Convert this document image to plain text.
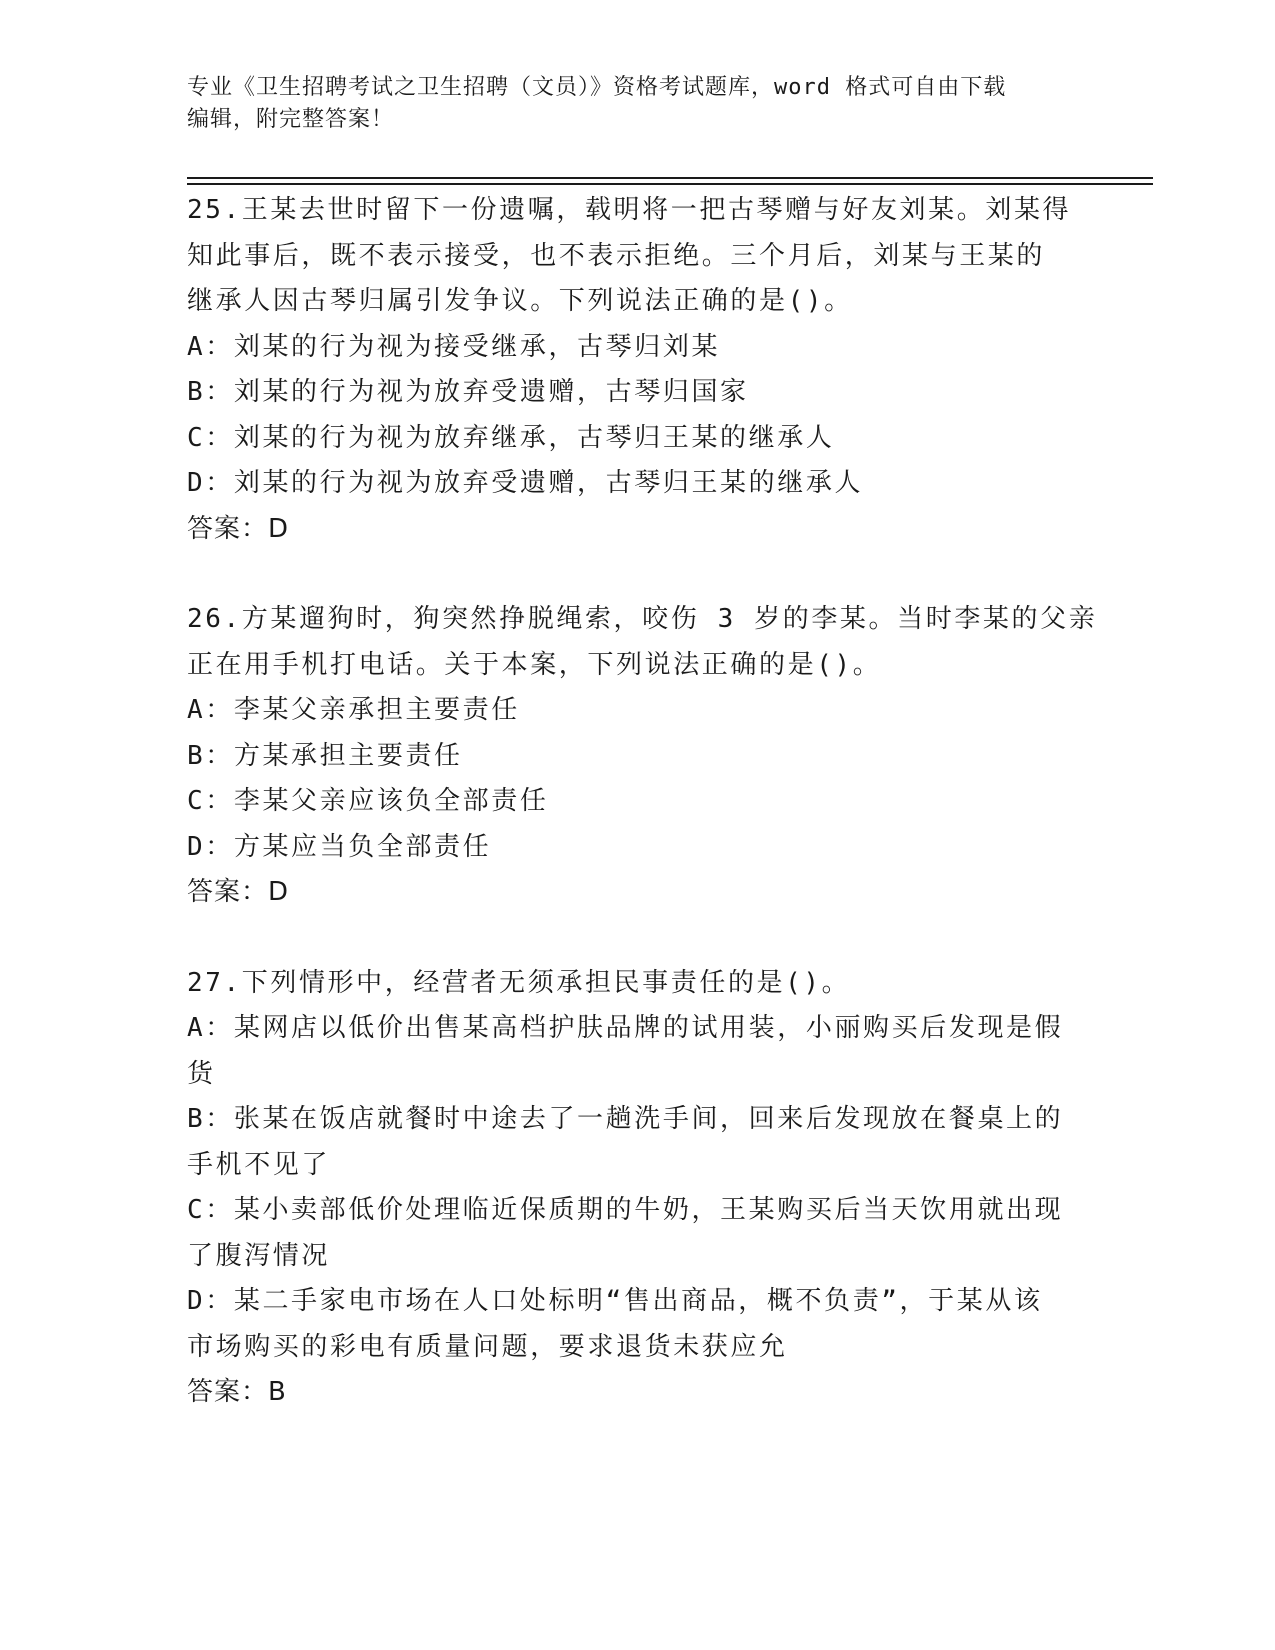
专业《卫生招聘考试之卫生招聘（文员）》资格考试题库，word 格式可自由下载
编辑，附完整答案！
25.王某去世时留下一份遗嘱，载明将一把古琴赠与好友刘某。刘某得
知此事后，既不表示接受，也不表示拒绝。三个月后，刘某与王某的
继承人因古琴归属引发争议。下列说法正确的是()。
A：刘某的行为视为接受继承，古琴归刘某
B：刘某的行为视为放弃受遗赠，古琴归国家
C：刘某的行为视为放弃继承，古琴归王某的继承人
D：刘某的行为视为放弃受遗赠，古琴归王某的继承人
答案：D
26.方某遛狗时，狗突然挣脱绳索，咬伤 3 岁的李某。当时李某的父亲
正在用手机打电话。关于本案，下列说法正确的是()。
A：李某父亲承担主要责任
B：方某承担主要责任
C：李某父亲应该负全部责任
D：方某应当负全部责任
答案：D
27.下列情形中，经营者无须承担民事责任的是()。
A：某网店以低价出售某高档护肤品牌的试用装，小丽购买后发现是假
货
B：张某在饭店就餐时中途去了一趟洗手间，回来后发现放在餐桌上的
手机不见了
C：某小卖部低价处理临近保质期的牛奶，王某购买后当天饮用就出现
了腹泻情况
D：某二手家电市场在人口处标明“售出商品，概不负责”，于某从该
市场购买的彩电有质量问题，要求退货未获应允
答案：B
